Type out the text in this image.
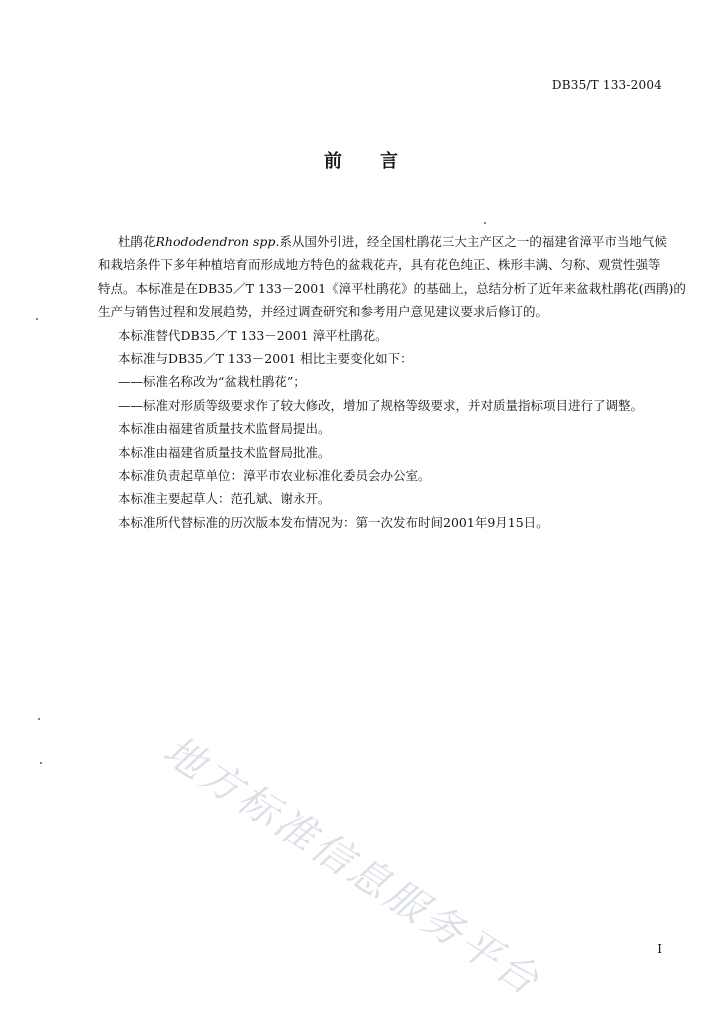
DB35/T 133-2004
前言

杜鹃花Rhododendron spp.系从国外引进，经全国杜鹃花三大主产区之一的福建省漳平市当地气候
和栽培条件下多年种植培育而形成地方特色的盆栽花卉，具有花色纯正、株形丰满、匀称、观赏性强等
特点。本标准是在DB35／T 133－2001《漳平杜鹃花》的基础上，总结分析了近年来盆栽杜鹃花(西鹃)的
生产与销售过程和发展趋势，并经过调查研究和参考用户意见建议要求后修订的。

本标准替代DB35／T 133－2001 漳平杜鹃花。

本标准与DB35／T 133－2001 相比主要变化如下：

——标准名称改为“盆栽杜鹃花”；

——标准对形质等级要求作了较大修改，增加了规格等级要求，并对质量指标项目进行了调整。

本标准由福建省质量技术监督局提出。

本标准由福建省质量技术监督局批准。

本标准负责起草单位：漳平市农业标准化委员会办公室。

本标准主要起草人：范孔斌、谢永开。

本标准所代替标准的历次版本发布情况为：第一次发布时间2001年9月15日。

地方标准信息服务平台	I
